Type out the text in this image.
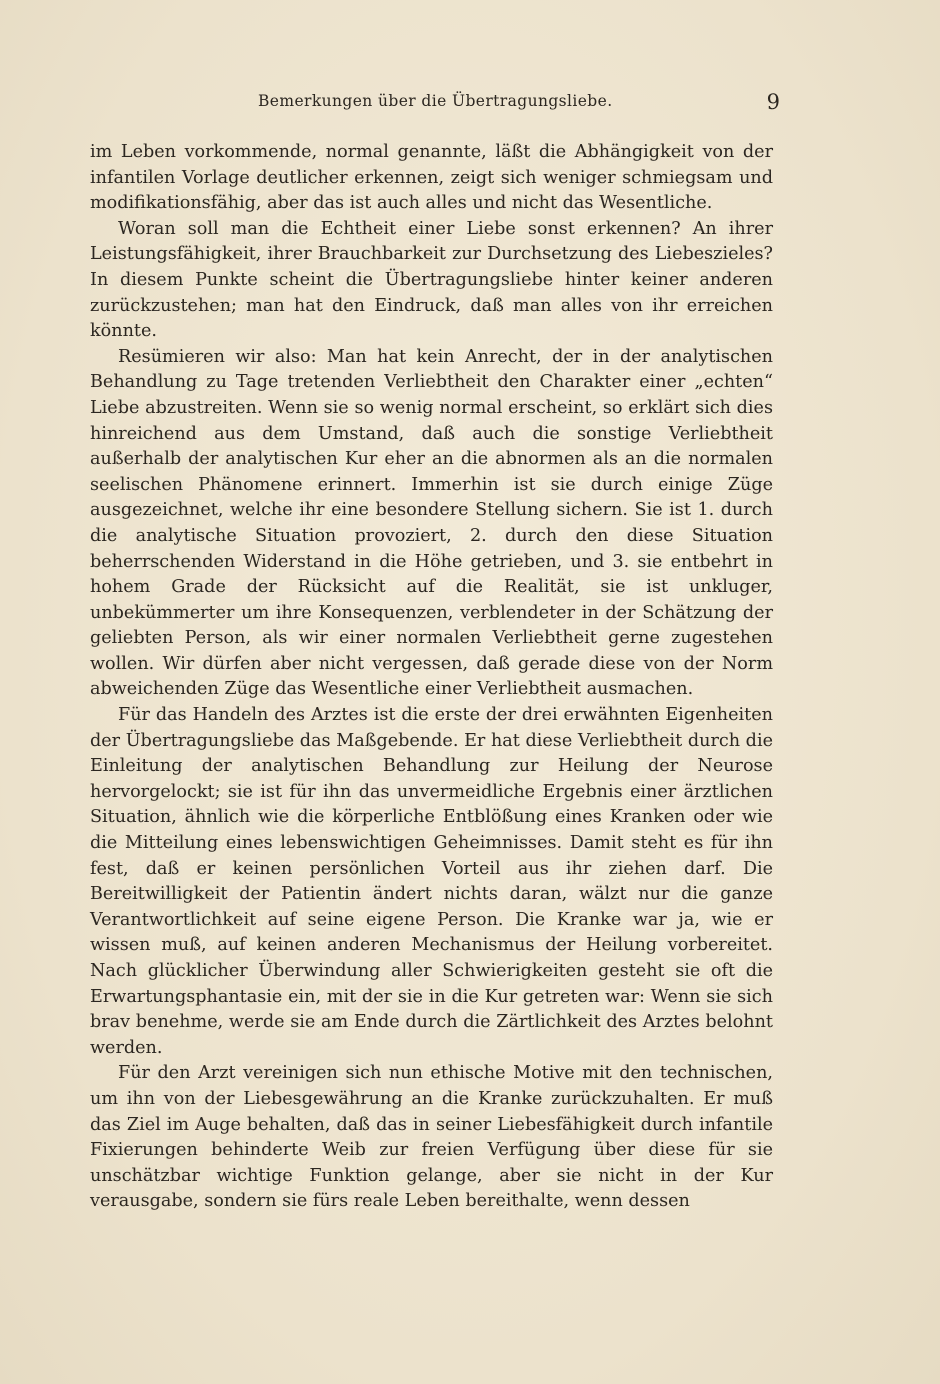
Bemerkungen über die Übertragungsliebe.	9

im Leben vorkommende, normal genannte, läßt die Abhängigkeit von der infantilen Vorlage deutlicher erkennen, zeigt sich weniger schmiegsam und modifikationsfähig, aber das ist auch alles und nicht das Wesentliche.

Woran soll man die Echtheit einer Liebe sonst erkennen? An ihrer Leistungsfähigkeit, ihrer Brauchbarkeit zur Durchsetzung des Liebeszieles? In diesem Punkte scheint die Übertragungsliebe hinter keiner anderen zurückzustehen; man hat den Eindruck, daß man alles von ihr erreichen könnte.

Resümieren wir also: Man hat kein Anrecht, der in der analytischen Behandlung zu Tage tretenden Verliebtheit den Charakter einer „echten“ Liebe abzustreiten. Wenn sie so wenig normal erscheint, so erklärt sich dies hinreichend aus dem Umstand, daß auch die sonstige Verliebtheit außerhalb der analytischen Kur eher an die abnormen als an die normalen seelischen Phänomene erinnert. Immerhin ist sie durch einige Züge ausgezeichnet, welche ihr eine besondere Stellung sichern. Sie ist 1. durch die analytische Situation provoziert, 2. durch den diese Situation beherrschenden Widerstand in die Höhe getrieben, und 3. sie entbehrt in hohem Grade der Rücksicht auf die Realität, sie ist unkluger, unbekümmerter um ihre Konsequenzen, verblendeter in der Schätzung der geliebten Person, als wir einer normalen Verliebtheit gerne zugestehen wollen. Wir dürfen aber nicht vergessen, daß gerade diese von der Norm abweichenden Züge das Wesentliche einer Verliebtheit ausmachen.

Für das Handeln des Arztes ist die erste der drei erwähnten Eigenheiten der Übertragungsliebe das Maßgebende. Er hat diese Verliebtheit durch die Einleitung der analytischen Behandlung zur Heilung der Neurose hervorgelockt; sie ist für ihn das unvermeidliche Ergebnis einer ärztlichen Situation, ähnlich wie die körperliche Entblößung eines Kranken oder wie die Mitteilung eines lebenswichtigen Geheimnisses. Damit steht es für ihn fest, daß er keinen persönlichen Vorteil aus ihr ziehen darf. Die Bereitwilligkeit der Patientin ändert nichts daran, wälzt nur die ganze Verantwortlichkeit auf seine eigene Person. Die Kranke war ja, wie er wissen muß, auf keinen anderen Mechanismus der Heilung vorbereitet. Nach glücklicher Überwindung aller Schwierigkeiten gesteht sie oft die Erwartungsphantasie ein, mit der sie in die Kur getreten war: Wenn sie sich brav benehme, werde sie am Ende durch die Zärtlichkeit des Arztes belohnt werden.

Für den Arzt vereinigen sich nun ethische Motive mit den technischen, um ihn von der Liebesgewährung an die Kranke zurückzuhalten. Er muß das Ziel im Auge behalten, daß das in seiner Liebesfähigkeit durch infantile Fixierungen behinderte Weib zur freien Verfügung über diese für sie unschätzbar wichtige Funktion gelange, aber sie nicht in der Kur verausgabe, sondern sie fürs reale Leben bereithalte, wenn dessen
